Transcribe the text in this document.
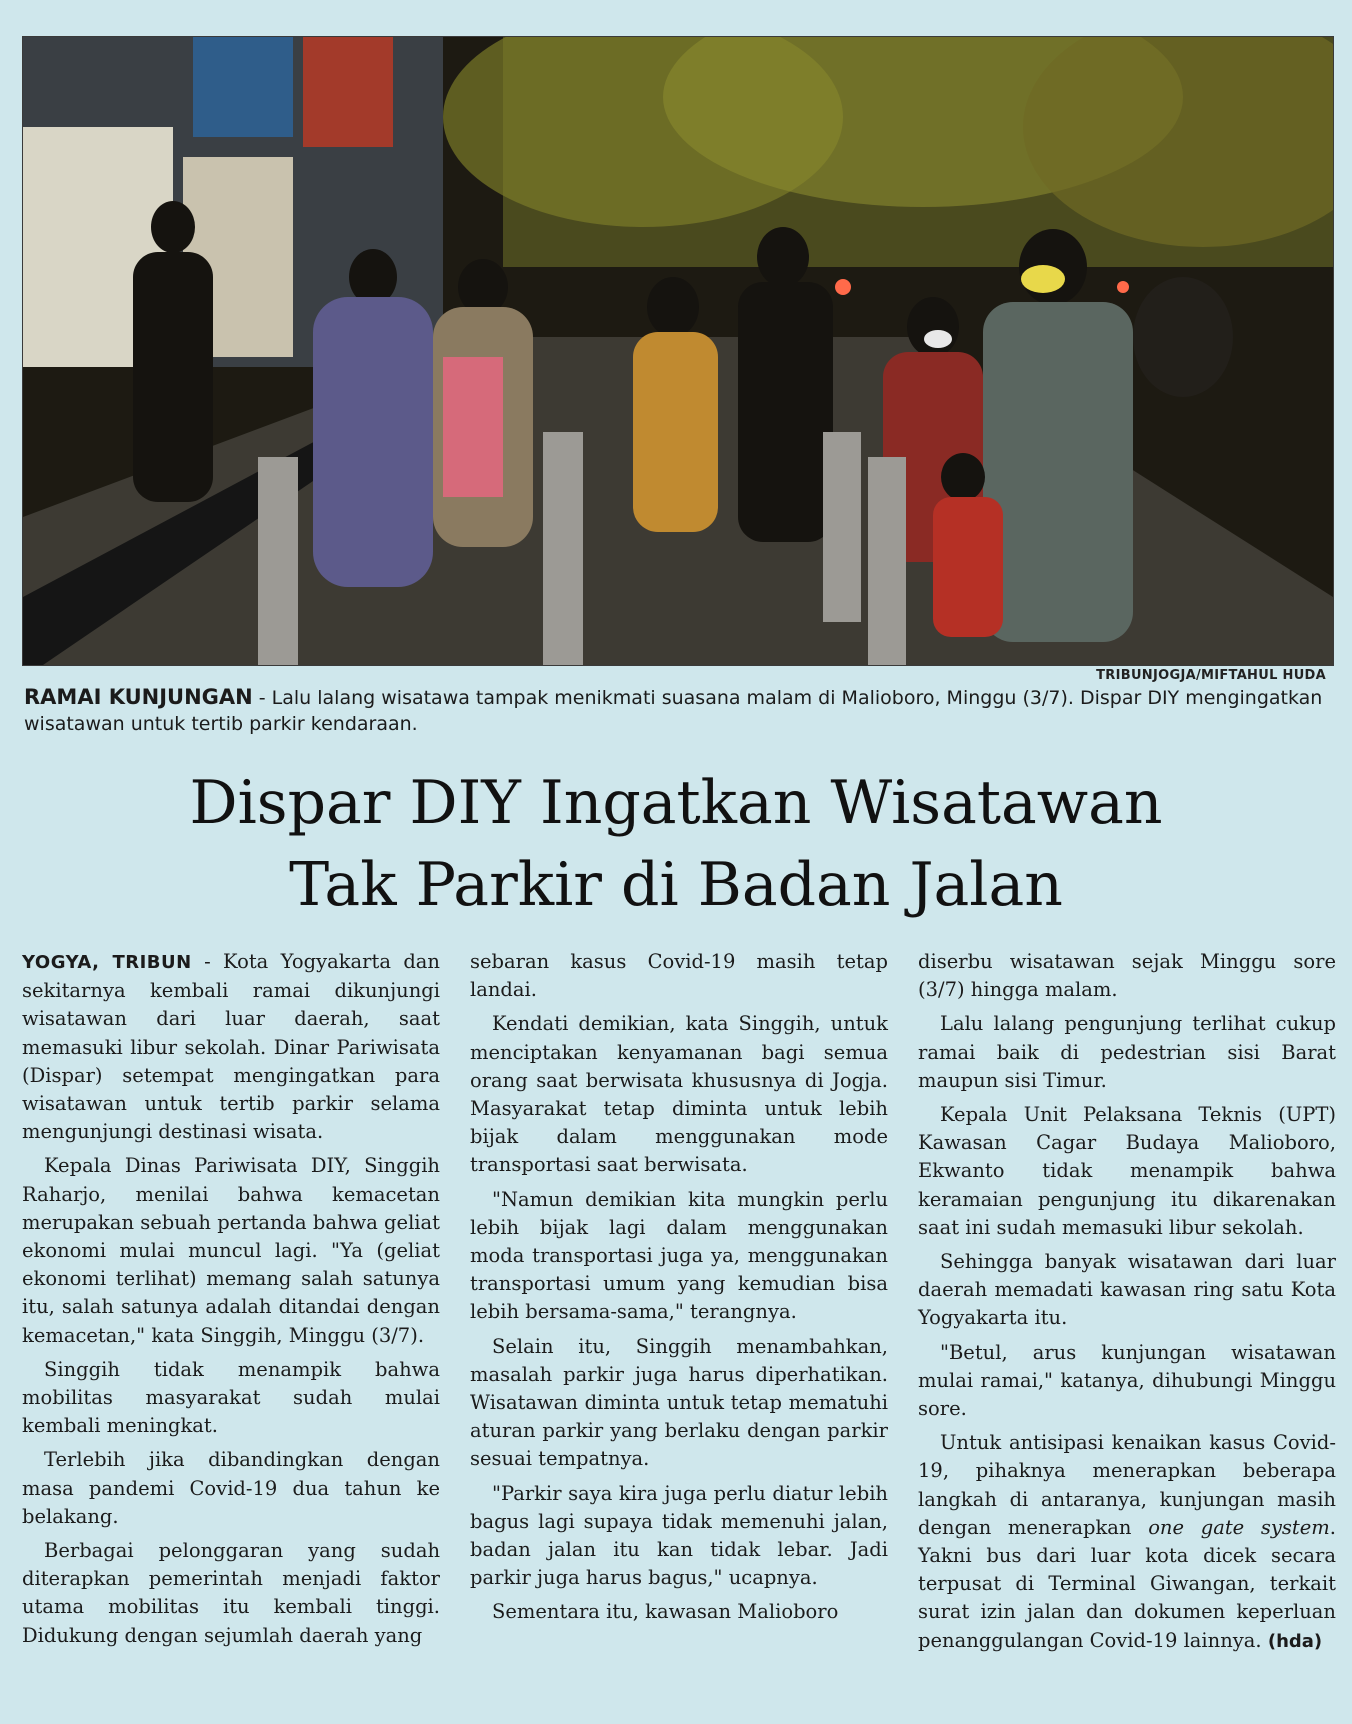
TRIBUNJOGJA/MIFTAHUL HUDA
RAMAI KUNJUNGAN - Lalu lalang wisatawa tampak menikmati suasana malam di Malioboro, Minggu (3/7). Dispar DIY mengingatkan wisatawan untuk tertib parkir kendaraan.
Dispar DIY Ingatkan Wisatawan
Tak Parkir di Badan Jalan

YOGYA, TRIBUN - Kota Yogyakarta dan sekitarnya kembali ramai dikunjungi wisatawan dari luar daerah, saat memasuki libur sekolah. Dinar Pariwisata (Dispar) setempat mengingatkan para wisatawan untuk tertib parkir selama mengunjungi destinasi wisata.

Kepala Dinas Pariwisata DIY, Singgih Raharjo, menilai bahwa kemacetan merupakan sebuah pertanda bahwa geliat ekonomi mulai muncul lagi. "Ya (geliat ekonomi terlihat) memang salah satunya itu, salah satunya adalah ditandai dengan kemacetan," kata Singgih, Minggu (3/7).

Singgih tidak menampik bahwa mobilitas masyarakat sudah mulai kembali meningkat.

Terlebih jika dibandingkan dengan masa pandemi Covid-19 dua tahun ke belakang.

Berbagai pelonggaran yang sudah diterapkan pemerintah menjadi faktor utama mobilitas itu kembali tinggi. Didukung dengan sejumlah daerah yang

sebaran kasus Covid-19 masih tetap landai.

Kendati demikian, kata Singgih, untuk menciptakan kenyamanan bagi semua orang saat berwisata khususnya di Jogja. Masyarakat tetap diminta untuk lebih bijak dalam menggunakan mode transportasi saat berwisata.

"Namun demikian kita mungkin perlu lebih bijak lagi dalam menggunakan moda transportasi juga ya, menggunakan transportasi umum yang kemudian bisa lebih bersama-sama," terangnya.

Selain itu, Singgih menambahkan, masalah parkir juga harus diperhatikan. Wisatawan diminta untuk tetap mematuhi aturan parkir yang berlaku dengan parkir sesuai tempatnya.

"Parkir saya kira juga perlu diatur lebih bagus lagi supaya tidak memenuhi jalan, badan jalan itu kan tidak lebar. Jadi parkir juga harus bagus," ucapnya.

Sementara itu, kawasan Malioboro

diserbu wisatawan sejak Minggu sore (3/7) hingga malam.

Lalu lalang pengunjung terlihat cukup ramai baik di pedestrian sisi Barat maupun sisi Timur.

Kepala Unit Pelaksana Teknis (UPT) Kawasan Cagar Budaya Malioboro, Ekwanto tidak menampik bahwa keramaian pengunjung itu dikarenakan saat ini sudah memasuki libur sekolah.

Sehingga banyak wisatawan dari luar daerah memadati kawasan ring satu Kota Yogyakarta itu.

"Betul, arus kunjungan wisatawan mulai ramai," katanya, dihubungi Minggu sore.

Untuk antisipasi kenaikan kasus Covid-19, pihaknya menerapkan beberapa langkah di antaranya, kunjungan masih dengan menerapkan one gate system. Yakni bus dari luar kota dicek secara terpusat di Terminal Giwangan, terkait surat izin jalan dan dokumen keperluan penanggulangan Covid-19 lainnya. (hda)
